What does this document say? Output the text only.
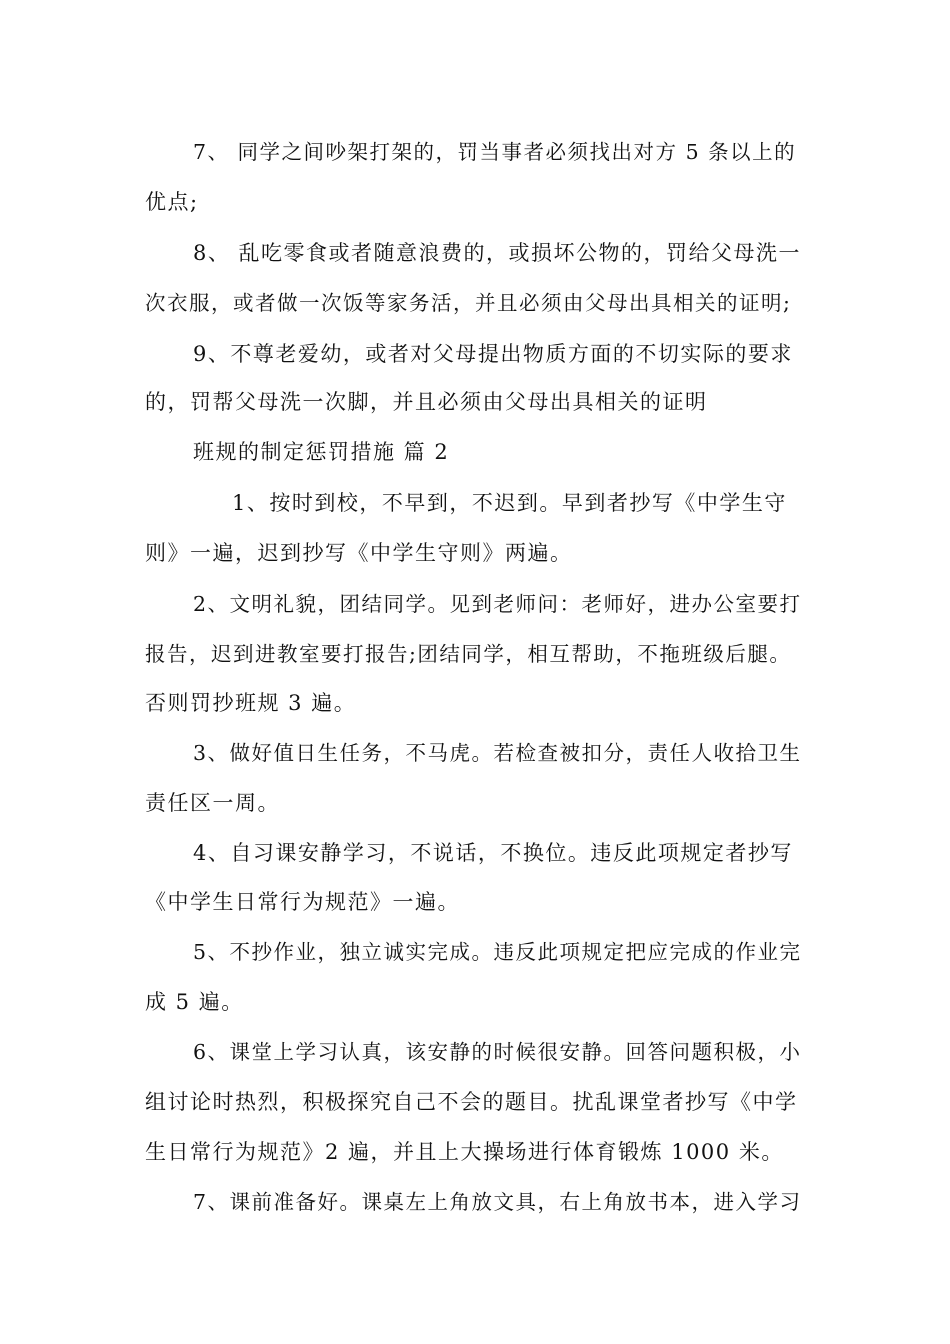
7、 同学之间吵架打架的，罚当事者必须找出对方 5 条以上的
优点;
8、 乱吃零食或者随意浪费的，或损坏公物的，罚给父母洗一
次衣服，或者做一次饭等家务活，并且必须由父母出具相关的证明;
9、不尊老爱幼，或者对父母提出物质方面的不切实际的要求
的，罚帮父母洗一次脚，并且必须由父母出具相关的证明
班规的制定惩罚措施 篇 2
1、按时到校，不早到，不迟到。早到者抄写《中学生守
则》一遍，迟到抄写《中学生守则》两遍。
2、文明礼貌，团结同学。见到老师问：老师好，进办公室要打
报告，迟到进教室要打报告;团结同学，相互帮助，不拖班级后腿。
否则罚抄班规 3 遍。
3、做好值日生任务，不马虎。若检查被扣分，责任人收拾卫生
责任区一周。
4、自习课安静学习，不说话，不换位。违反此项规定者抄写
《中学生日常行为规范》一遍。
5、不抄作业，独立诚实完成。违反此项规定把应完成的作业完
成 5 遍。
6、课堂上学习认真，该安静的时候很安静。回答问题积极，小
组讨论时热烈，积极探究自己不会的题目。扰乱课堂者抄写《中学
生日常行为规范》2 遍，并且上大操场进行体育锻炼 1000 米。
7、课前准备好。课桌左上角放文具，右上角放书本，进入学习
